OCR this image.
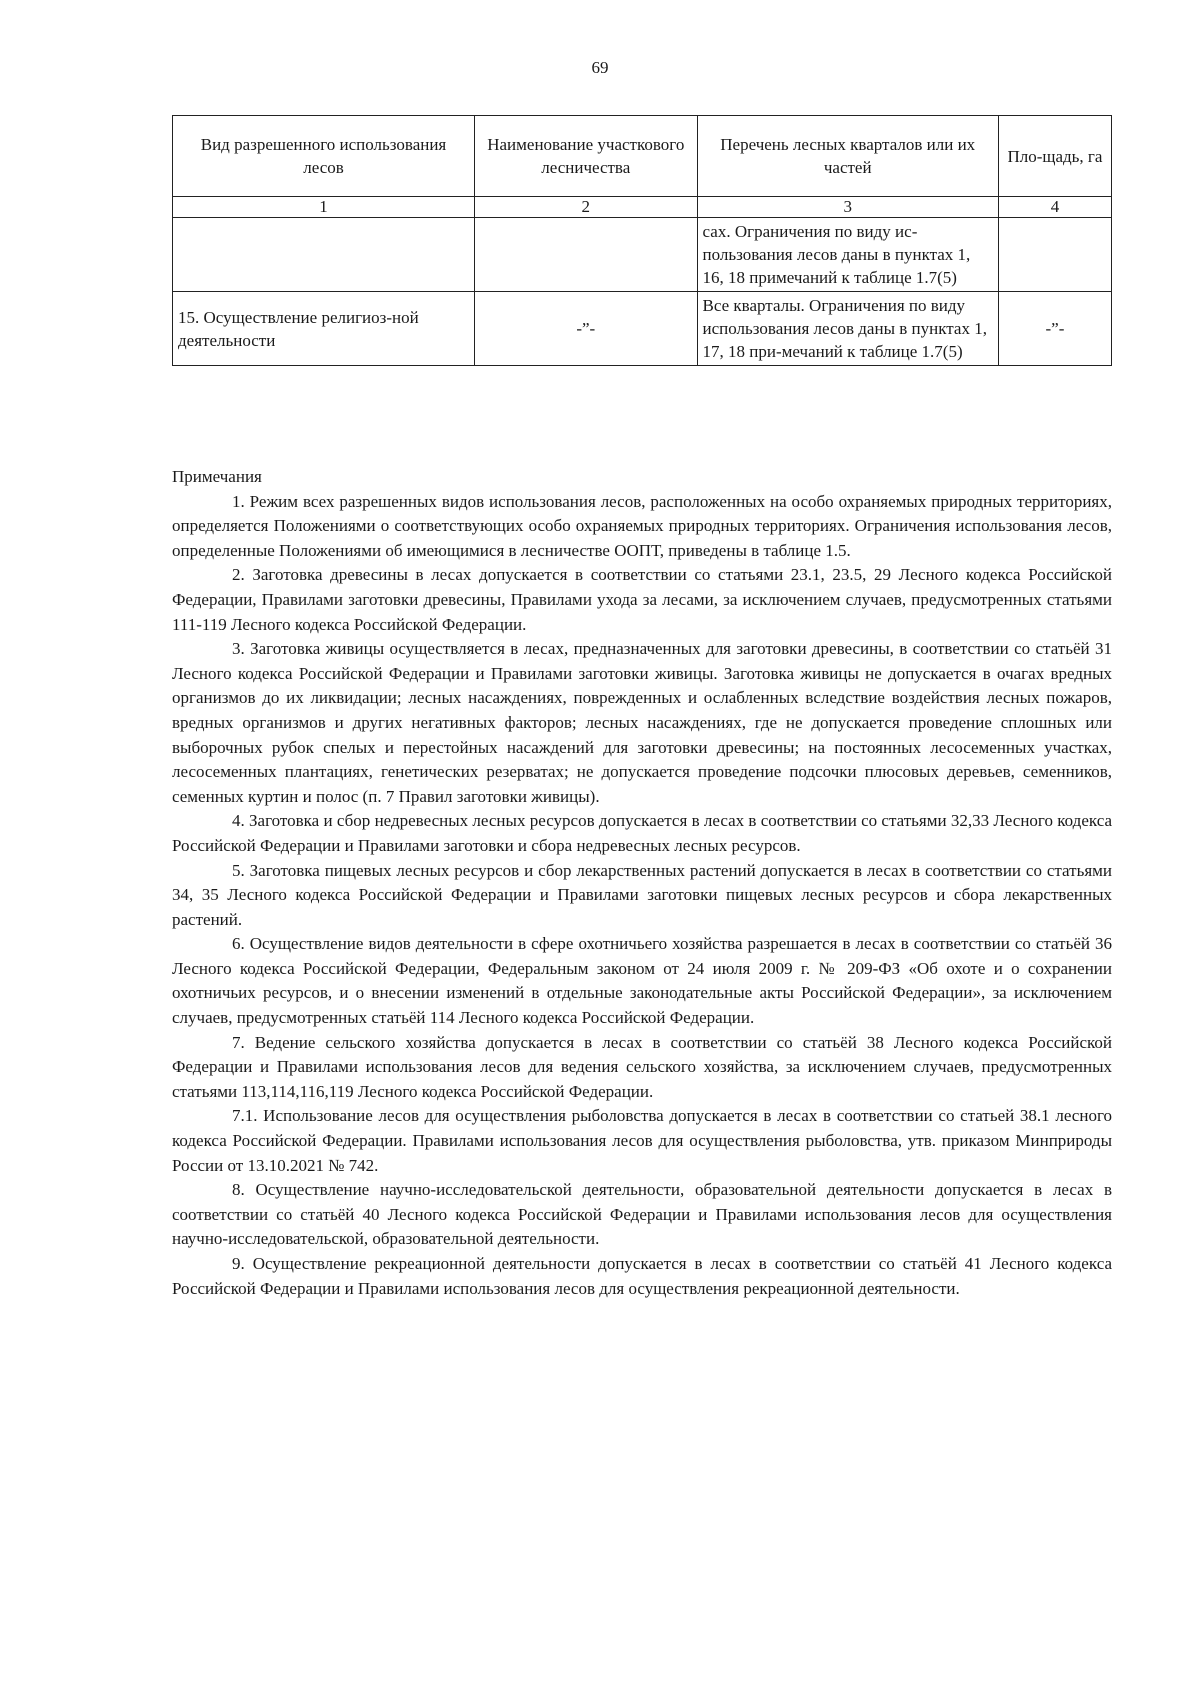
69
Вид разрешенного использования лесов	Наименование участкового лесничества	Перечень лесных кварталов или их частей	Пло-щадь, га
1	2	3	4
		сах. Ограничения по виду ис-пользования лесов даны в пунктах 1, 16, 18 примечаний к таблице 1.7(5)	
15. Осуществление религиоз-ной деятельности	-”-	Все кварталы. Ограничения по виду использования лесов даны в пунктах 1, 17, 18 при-мечаний к таблице 1.7(5)	-”-

Примечания

1. Режим всех разрешенных видов использования лесов, расположенных на особо охраняемых природных территориях, определяется Положениями о соответствующих особо охраняемых природных территориях. Ограничения использования лесов, определенные Положениями об имеющимися в лесничестве ООПТ, приведены в таблице 1.5.

2. Заготовка древесины в лесах допускается в соответствии со статьями 23.1, 23.5, 29 Лесного кодекса Российской Федерации, Правилами заготовки древесины, Правилами ухода за лесами, за исключением случаев, предусмотренных статьями 111-119 Лесного кодекса Российской Федерации.

3. Заготовка живицы осуществляется в лесах, предназначенных для заготовки древесины, в соответствии со статьёй 31 Лесного кодекса Российской Федерации и Правилами заготовки живицы. Заготовка живицы не допускается в очагах вредных организмов до их ликвидации; лесных насаждениях, поврежденных и ослабленных вследствие воздействия лесных пожаров, вредных организмов и других негативных факторов; лесных насаждениях, где не допускается проведение сплошных или выборочных рубок спелых и перестойных насаждений для заготовки древесины; на постоянных лесосеменных участках, лесосеменных плантациях, генетических резерватах; не допускается проведение подсочки плюсовых деревьев, семенников, семенных куртин и полос (п. 7 Правил заготовки живицы).

4. Заготовка и сбор недревесных лесных ресурсов допускается в лесах в соответствии со статьями 32,33 Лесного кодекса Российской Федерации и Правилами заготовки и сбора недревесных лесных ресурсов.

5. Заготовка пищевых лесных ресурсов и сбор лекарственных растений допускается в лесах в соответствии со статьями 34, 35 Лесного кодекса Российской Федерации и Правилами заготовки пищевых лесных ресурсов и сбора лекарственных растений.

6. Осуществление видов деятельности в сфере охотничьего хозяйства разрешается в лесах в соответствии со статьёй 36 Лесного кодекса Российской Федерации, Федеральным законом от 24 июля 2009 г. № 209-ФЗ «Об охоте и о сохранении охотничьих ресурсов, и о внесении изменений в отдельные законодательные акты Российской Федерации», за исключением случаев, предусмотренных статьёй 114 Лесного кодекса Российской Федерации.

7. Ведение сельского хозяйства допускается в лесах в соответствии со статьёй 38 Лесного кодекса Российской Федерации и Правилами использования лесов для ведения сельского хозяйства, за исключением случаев, предусмотренных статьями 113,114,116,119 Лесного кодекса Российской Федерации.

7.1. Использование лесов для осуществления рыболовства допускается в лесах в соответствии со статьей 38.1 лесного кодекса Российской Федерации. Правилами использования лесов для осуществления рыболовства, утв. приказом Минприроды России от 13.10.2021 № 742.

8. Осуществление научно-исследовательской деятельности, образовательной деятельности допускается в лесах в соответствии со статьёй 40 Лесного кодекса Российской Федерации и Правилами использования лесов для осуществления научно-исследовательской, образовательной деятельности.

9. Осуществление рекреационной деятельности допускается в лесах в соответствии со статьёй 41 Лесного кодекса Российской Федерации и Правилами использования лесов для осуществления рекреационной деятельности.
